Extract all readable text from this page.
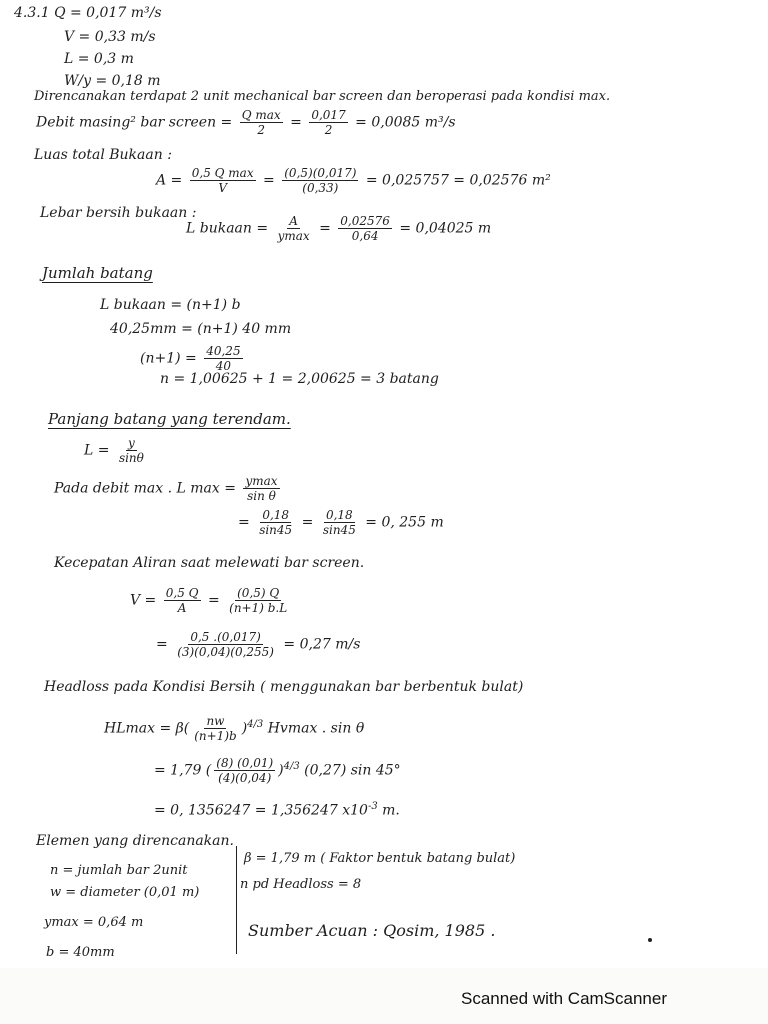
4.3.1 Q = 0,017 m³/s
V = 0,33 m/s
L = 0,3 m
W/y = 0,18 m
Direncanakan terdapat 2 unit mechanical bar screen dan beroperasi pada kondisi max.
Debit masing² bar screen = $\frac{\text{Q max}}{2} = \frac{0,017}{2} = 0,0085$ m³/s
Luas total Bukaan :
$A = \frac{\text{0,5 Q max}}{V} = \frac{(0,5)(0,017)}{(0,33)} = 0,025757 = 0,02576$ m²
Lebar bersih bukaan :
L bukaan = $\frac{A}{ymax} = \frac{0,02576}{0,64} = 0,04025$ m
Jumlah batang
L bukaan = (n+1) b
40,25mm = (n+1) 40 mm
$(n+1) = \frac{40,25}{40}$
n = 1,00625 + 1 = 2,00625 = 3 batang
Panjang batang yang terendam.
$L = \frac{y}{\sin\theta}$
Pada debit max . L $\max = \frac{ymax}{\text{sin θ}}$
= $\frac{0,18}{\sin 45} = \frac{0,18}{\sin 45} = 0$, 255 m
Kecepatan Aliran saat melewati bar screen.
$V = \frac{0,5 Q}{A} = \frac{(0,5) Q}{(n+1) b.L}$
= $\frac{0,5 .(0,017)}{(3)(0,04)(0,255)} = 0,27$ m/s
Headloss pada Kondisi Bersih ( menggunakan bar berbentuk bulat)
$HLmax = \beta( \frac{nw}{(n+1)b} )^{4/3}$ Hvmax . sin θ
= 1,79 ( $\frac{(8) (0,01)}{(4)(0,04)} )^{4/3}$ (0,27) sin 45°
= 0, 1356247 = 1,356247 $x10^{-3}$ m.
Elemen yang direncanakan.
n = jumlah bar 2unit
w = diameter (0,01 m)
ymax = 0,64 m
b = 40mm
β = 1,79 m ( Faktor bentuk batang bulat)
n pd Headloss = 8
Sumber Acuan : Qosim, 1985 .
Scanned with CamScanner
